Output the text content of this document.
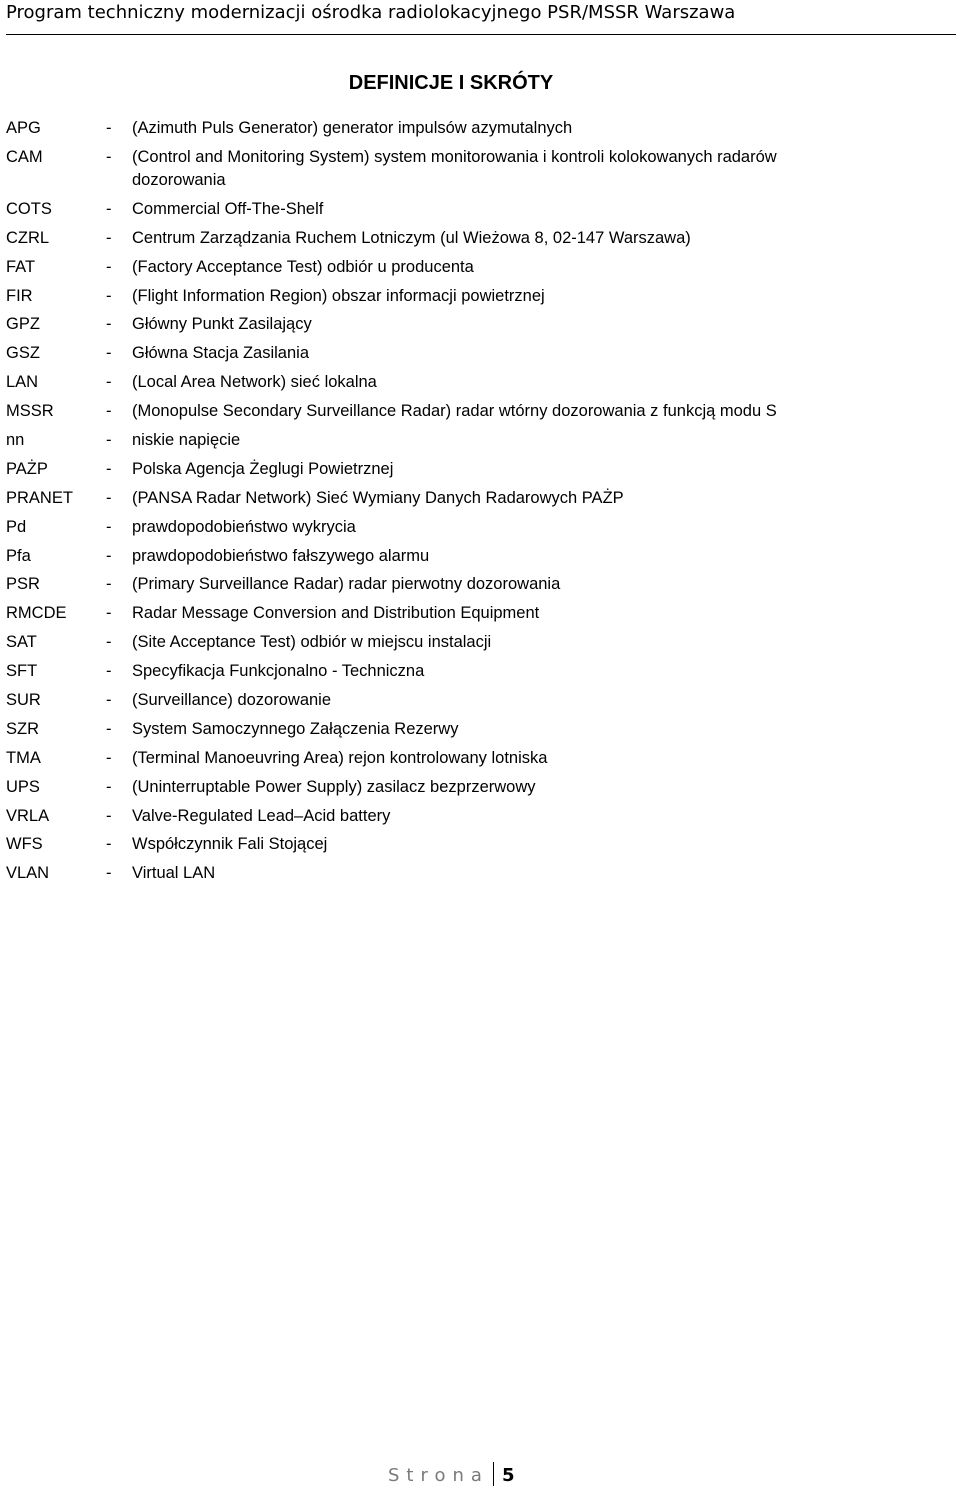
Program techniczny modernizacji ośrodka radiolokacyjnego PSR/MSSR Warszawa
DEFINICJE I SKRÓTY
APG	- (Azimuth Puls Generator) generator impulsów azymutalnych
CAM	- (Control and Monitoring System) system monitorowania i kontroli kolokowanych radarów dozorowania
COTS	- Commercial Off-The-Shelf
CZRL	- Centrum Zarządzania Ruchem Lotniczym (ul Wieżowa 8, 02-147 Warszawa)
FAT	- (Factory Acceptance Test) odbiór u producenta
FIR	- (Flight Information Region) obszar informacji powietrznej
GPZ	- Główny Punkt Zasilający
GSZ	- Główna Stacja Zasilania
LAN	- (Local Area Network) sieć lokalna
MSSR	- (Monopulse Secondary Surveillance Radar) radar wtórny dozorowania z funkcją modu S
nn	- niskie napięcie
PAŻP	- Polska Agencja Żeglugi Powietrznej
PRANET - (PANSA Radar Network) Sieć Wymiany Danych Radarowych PAŻP
Pd	- prawdopodobieństwo wykrycia
Pfa	- prawdopodobieństwo fałszywego alarmu
PSR	- (Primary Surveillance Radar) radar pierwotny dozorowania
RMCDE - Radar Message Conversion and Distribution Equipment
SAT	- (Site Acceptance Test) odbiór w miejscu instalacji
SFT	- Specyfikacja Funkcjonalno - Techniczna
SUR	- (Surveillance) dozorowanie
SZR	- System Samoczynnego Załączenia Rezerwy
TMA	- (Terminal Manoeuvring Area) rejon kontrolowany lotniska
UPS	- (Uninterruptable Power Supply) zasilacz bezprzerwowy
VRLA	- Valve-Regulated Lead–Acid battery
WFS	- Współczynnik Fali Stojącej
VLAN	- Virtual LAN
Strona 5
